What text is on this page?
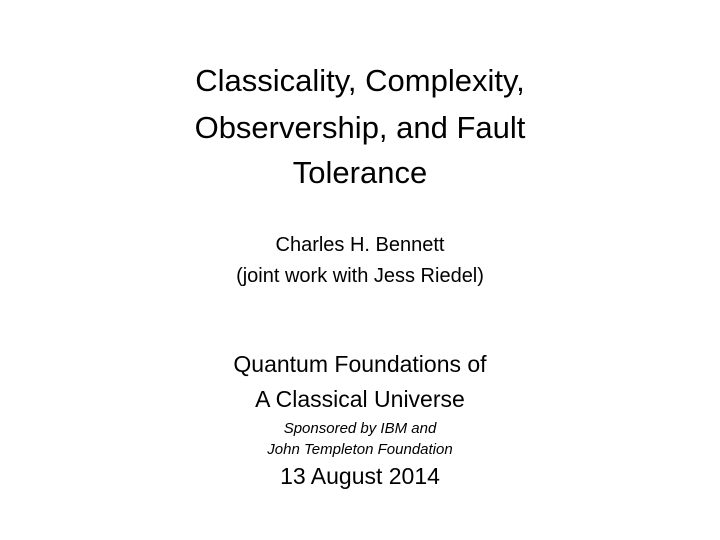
Classicality, Complexity,
Observership, and Fault
Tolerance
Charles H. Bennett
(joint work with Jess Riedel)
Quantum Foundations of
A Classical Universe
Sponsored by IBM and
John Templeton Foundation
13 August 2014
